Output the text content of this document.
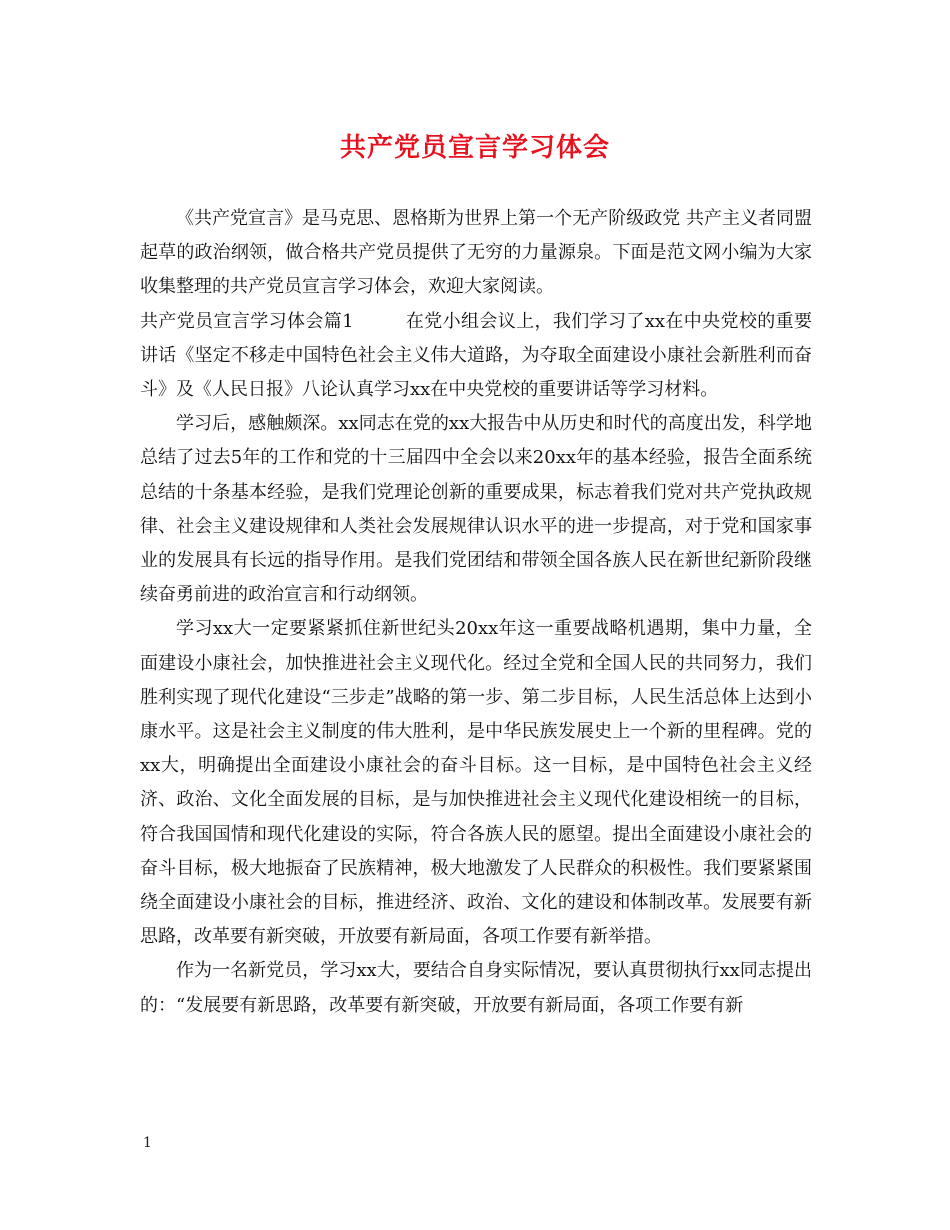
共产党员宣言学习体会

《共产党宣言》是马克思、恩格斯为世界上第一个无产阶级政党 共产主义者同盟 起草的政治纲领，做合格共产党员提供了无穷的力量源泉。下面是范文网小编为大家收集整理的共产党员宣言学习体会，欢迎大家阅读。

共产党员宣言学习体会篇1	在党小组会议上，我们学习了xx在中央党校的重要讲话《坚定不移走中国特色社会主义伟大道路，为夺取全面建设小康社会新胜利而奋斗》及《人民日报》八论认真学习xx在中央党校的重要讲话等学习材料。

学习后，感触颇深。xx同志在党的xx大报告中从历史和时代的高度出发，科学地总结了过去5年的工作和党的十三届四中全会以来20xx年的基本经验，报告全面系统总结的十条基本经验，是我们党理论创新的重要成果，标志着我们党对共产党执政规律、社会主义建设规律和人类社会发展规律认识水平的进一步提高，对于党和国家事业的发展具有长远的指导作用。是我们党团结和带领全国各族人民在新世纪新阶段继续奋勇前进的政治宣言和行动纲领。

学习xx大一定要紧紧抓住新世纪头20xx年这一重要战略机遇期，集中力量，全面建设小康社会，加快推进社会主义现代化。经过全党和全国人民的共同努力，我们胜利实现了现代化建设“三步走”战略的第一步、第二步目标，人民生活总体上达到小康水平。这是社会主义制度的伟大胜利，是中华民族发展史上一个新的里程碑。党的xx大，明确提出全面建设小康社会的奋斗目标。这一目标，是中国特色社会主义经济、政治、文化全面发展的目标，是与加快推进社会主义现代化建设相统一的目标，符合我国国情和现代化建设的实际，符合各族人民的愿望。提出全面建设小康社会的奋斗目标，极大地振奋了民族精神，极大地激发了人民群众的积极性。我们要紧紧围绕全面建设小康社会的目标，推进经济、政治、文化的建设和体制改革。发展要有新思路，改革要有新突破，开放要有新局面，各项工作要有新举措。

作为一名新党员，学习xx大，要结合自身实际情况，要认真贯彻执行xx同志提出的：“发展要有新思路，改革要有新突破，开放要有新局面，各项工作要有新

1
